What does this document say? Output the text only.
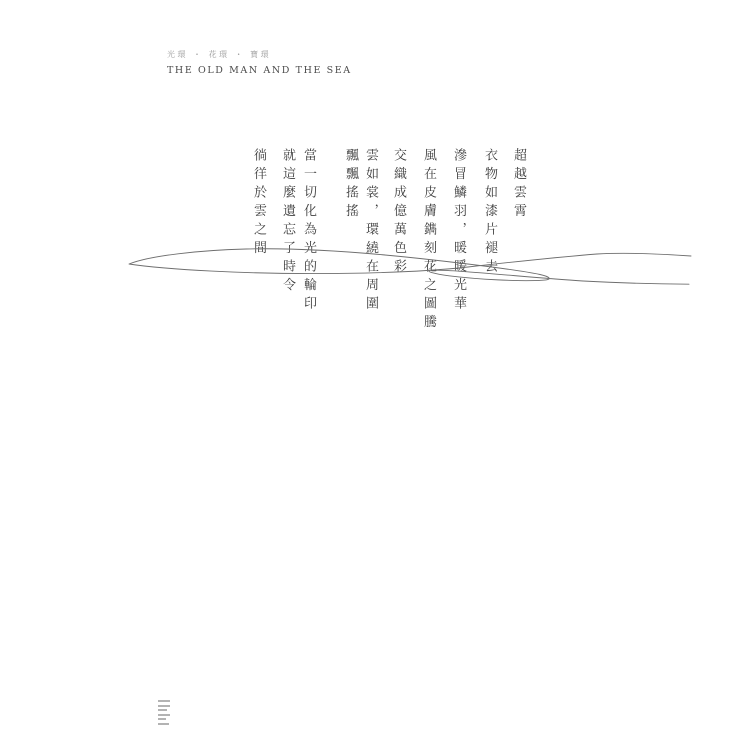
光環 ・ 花環 ・ 寶環
THE OLD MAN AND THE SEA
超越雲霄
衣物如漆片褪去
滲冒鱗羽，暖暖光華
風在皮膚鐫刻花之圖騰
交織成億萬色彩
雲如裳，環繞在周圍
飄飄搖搖
當一切化為光的輪印
就這麼遺忘了時令
徜徉於雲之間
